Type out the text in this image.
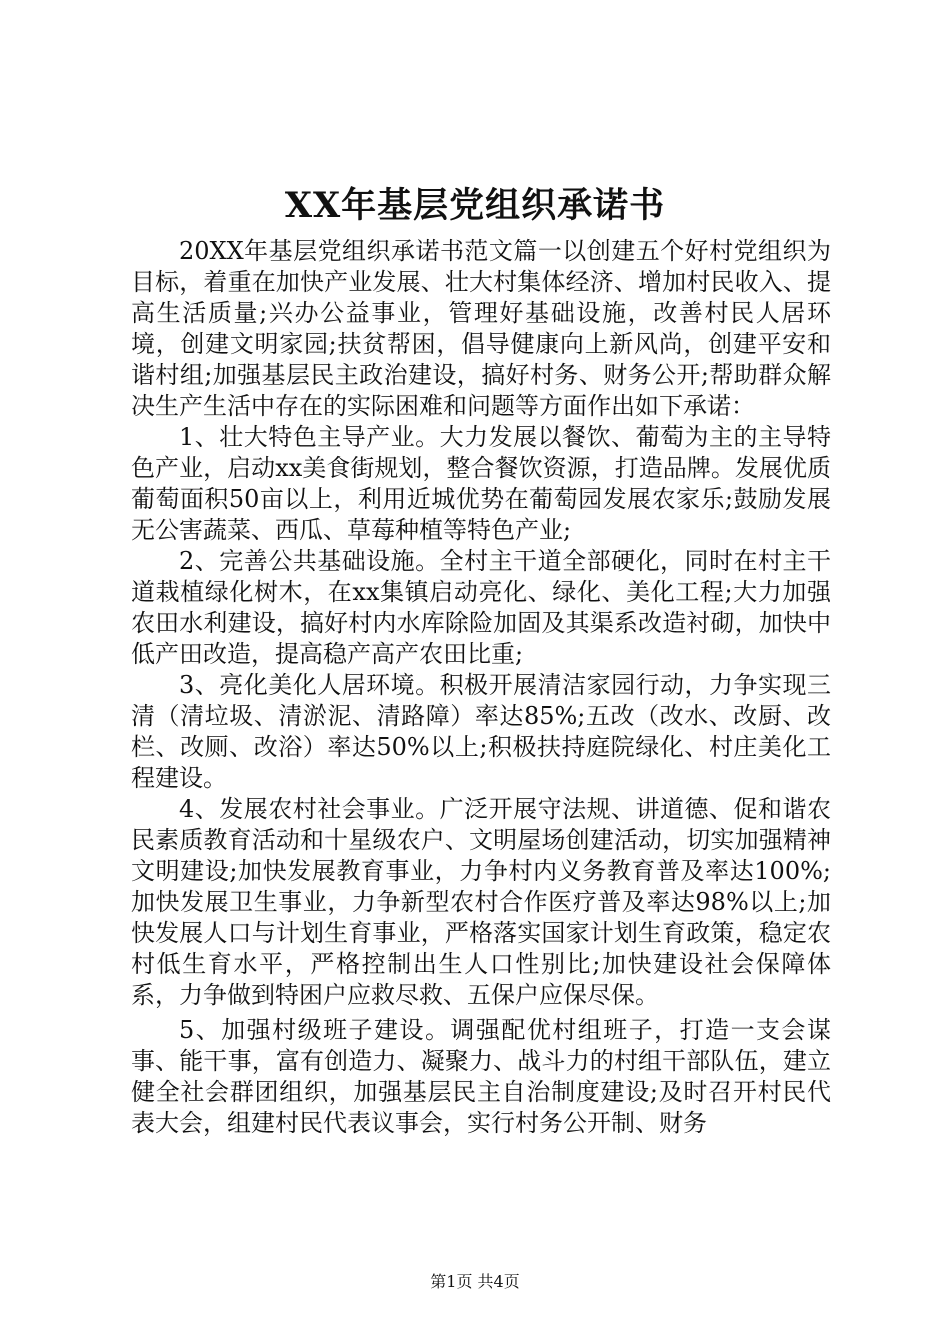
XX年基层党组织承诺书

20XX年基层党组织承诺书范文篇一以创建五个好村党组织为目标，着重在加快产业发展、壮大村集体经济、增加村民收入、提高生活质量;兴办公益事业，管理好基础设施，改善村民人居环境，创建文明家园;扶贫帮困，倡导健康向上新风尚，创建平安和谐村组;加强基层民主政治建设，搞好村务、财务公开;帮助群众解决生产生活中存在的实际困难和问题等方面作出如下承诺：

1、壮大特色主导产业。大力发展以餐饮、葡萄为主的主导特色产业，启动xx美食街规划，整合餐饮资源，打造品牌。发展优质葡萄面积50亩以上，利用近城优势在葡萄园发展农家乐;鼓励发展无公害蔬菜、西瓜、草莓种植等特色产业;

2、完善公共基础设施。全村主干道全部硬化，同时在村主干道栽植绿化树木，在xx集镇启动亮化、绿化、美化工程;大力加强农田水利建设，搞好村内水库除险加固及其渠系改造衬砌，加快中低产田改造，提高稳产高产农田比重;

3、亮化美化人居环境。积极开展清洁家园行动，力争实现三清（清垃圾、清淤泥、清路障）率达85%;五改（改水、改厨、改栏、改厕、改浴）率达50%以上;积极扶持庭院绿化、村庄美化工程建设。

4、发展农村社会事业。广泛开展守法规、讲道德、促和谐农民素质教育活动和十星级农户、文明屋场创建活动，切实加强精神文明建设;加快发展教育事业，力争村内义务教育普及率达100%;加快发展卫生事业，力争新型农村合作医疗普及率达98%以上;加快发展人口与计划生育事业，严格落实国家计划生育政策，稳定农村低生育水平，严格控制出生人口性别比;加快建设社会保障体系，力争做到特困户应救尽救、五保户应保尽保。

5、加强村级班子建设。调强配优村组班子，打造一支会谋事、能干事，富有创造力、凝聚力、战斗力的村组干部队伍，建立健全社会群团组织，加强基层民主自治制度建设;及时召开村民代表大会，组建村民代表议事会，实行村务公开制、财务

第1页 共4页
